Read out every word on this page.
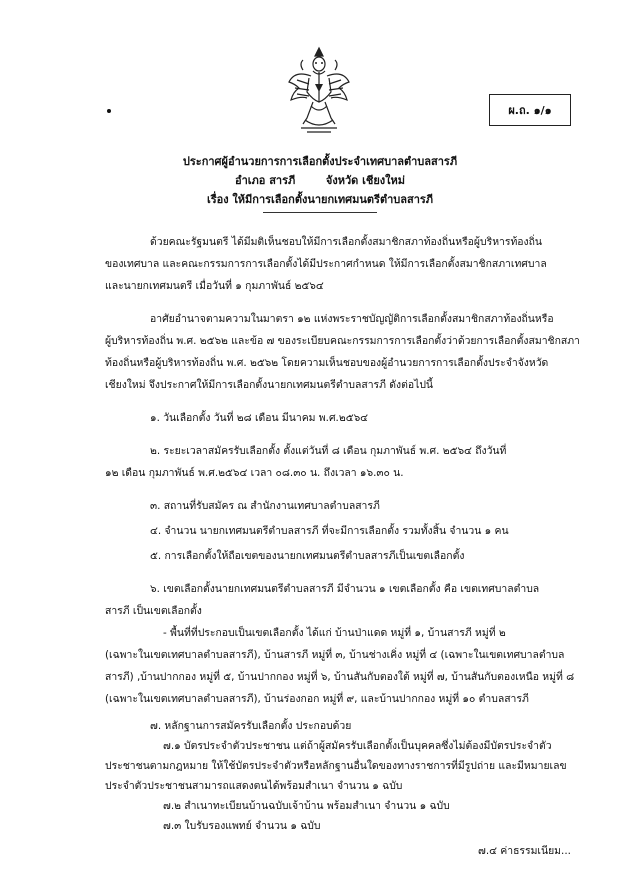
ผ.ถ. ๑/๑
ประกาศผู้อำนวยการการเลือกตั้งประจำเทศบาลตำบลสารภี
อำเภอ สารภี        จังหวัด เชียงใหม่
เรื่อง ให้มีการเลือกตั้งนายกเทศมนตรีตำบลสารภี
ด้วยคณะรัฐมนตรี ได้มีมติเห็นชอบให้มีการเลือกตั้งสมาชิกสภาท้องถิ่นหรือผู้บริหารท้องถิ่น
ของเทศบาล และคณะกรรมการการเลือกตั้งได้มีประกาศกำหนด ให้มีการเลือกตั้งสมาชิกสภาเทศบาล
และนายกเทศมนตรี เมื่อวันที่ ๑ กุมภาพันธ์ ๒๕๖๔
อาศัยอำนาจตามความในมาตรา ๑๒ แห่งพระราชบัญญัติการเลือกตั้งสมาชิกสภาท้องถิ่นหรือ
ผู้บริหารท้องถิ่น พ.ศ. ๒๕๖๒ และข้อ ๗ ของระเบียบคณะกรรมการการเลือกตั้งว่าด้วยการเลือกตั้งสมาชิกสภา
ท้องถิ่นหรือผู้บริหารท้องถิ่น พ.ศ. ๒๕๖๒ โดยความเห็นชอบของผู้อำนวยการการเลือกตั้งประจำจังหวัด
เชียงใหม่ จึงประกาศให้มีการเลือกตั้งนายกเทศมนตรีตำบลสารภี ดังต่อไปนี้
๑. วันเลือกตั้ง วันที่ ๒๘ เดือน มีนาคม พ.ศ.๒๕๖๔
๒. ระยะเวลาสมัครรับเลือกตั้ง ตั้งแต่วันที่ ๘ เดือน กุมภาพันธ์ พ.ศ. ๒๕๖๔ ถึงวันที่
๑๒ เดือน กุมภาพันธ์ พ.ศ.๒๕๖๔ เวลา ๐๘.๓๐ น. ถึงเวลา ๑๖.๓๐ น.
๓. สถานที่รับสมัคร ณ สำนักงานเทศบาลตำบลสารภี
๔. จำนวน นายกเทศมนตรีตำบลสารภี ที่จะมีการเลือกตั้ง รวมทั้งสิ้น จำนวน ๑ คน
๕. การเลือกตั้งให้ถือเขตของนายกเทศมนตรีตำบลสารภีเป็นเขตเลือกตั้ง
๖. เขตเลือกตั้งนายกเทศมนตรีตำบลสารภี มีจำนวน ๑ เขตเลือกตั้ง คือ เขตเทศบาลตำบล
สารภี เป็นเขตเลือกตั้ง
- พื้นที่ที่ประกอบเป็นเขตเลือกตั้ง ได้แก่ บ้านป่าแดด หมู่ที่ ๑, บ้านสารภี หมู่ที่ ๒
(เฉพาะในเขตเทศบาลตำบลสารภี), บ้านสารภี หมู่ที่ ๓, บ้านช่างเคิ่ง หมู่ที่ ๔ (เฉพาะในเขตเทศบาลตำบล
สารภี) ,บ้านปากกอง หมู่ที่ ๕, บ้านปากกอง หมู่ที่ ๖, บ้านสันกับตองใต้ หมู่ที่ ๗, บ้านสันกับตองเหนือ หมู่ที่ ๘
(เฉพาะในเขตเทศบาลตำบลสารภี), บ้านร่องกอก หมู่ที่ ๙, และบ้านปากกอง หมู่ที่ ๑๐ ตำบลสารภี
๗. หลักฐานการสมัครรับเลือกตั้ง ประกอบด้วย
๗.๑ บัตรประจำตัวประชาชน แต่ถ้าผู้สมัครรับเลือกตั้งเป็นบุคคลซึ่งไม่ต้องมีบัตรประจำตัว
ประชาชนตามกฎหมาย ให้ใช้บัตรประจำตัวหรือหลักฐานอื่นใดของทางราชการที่มีรูปถ่าย และมีหมายเลข
ประจำตัวประชาชนสามารถแสดงตนได้พร้อมสำเนา จำนวน ๑ ฉบับ
๗.๒ สำเนาทะเบียนบ้านฉบับเจ้าบ้าน พร้อมสำเนา จำนวน ๑ ฉบับ
๗.๓ ใบรับรองแพทย์ จำนวน ๑ ฉบับ
๗.๔ ค่าธรรมเนียม...
